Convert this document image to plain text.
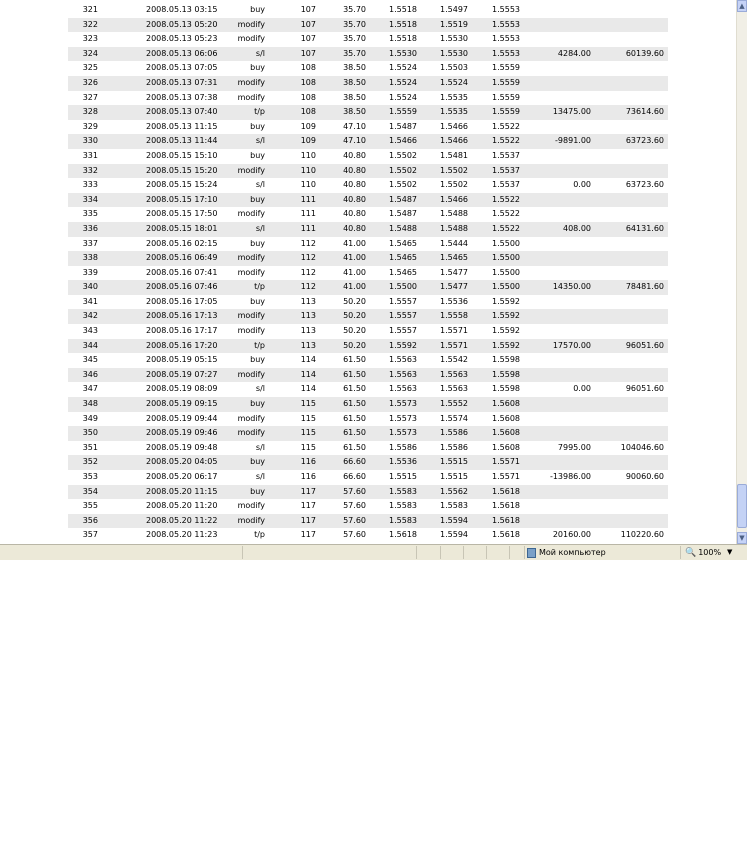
321	2008.05.13 03:15	buy	107	35.70	1.5518	1.5497	1.5553
322	2008.05.13 05:20	modify	107	35.70	1.5518	1.5519	1.5553
323	2008.05.13 05:23	modify	107	35.70	1.5518	1.5530	1.5553
324	2008.05.13 06:06	s/l	107	35.70	1.5530	1.5530	1.5553	4284.00	60139.60
325	2008.05.13 07:05	buy	108	38.50	1.5524	1.5503	1.5559
326	2008.05.13 07:31	modify	108	38.50	1.5524	1.5524	1.5559
327	2008.05.13 07:38	modify	108	38.50	1.5524	1.5535	1.5559
328	2008.05.13 07:40	t/p	108	38.50	1.5559	1.5535	1.5559	13475.00	73614.60
329	2008.05.13 11:15	buy	109	47.10	1.5487	1.5466	1.5522
330	2008.05.13 11:44	s/l	109	47.10	1.5466	1.5466	1.5522	-9891.00	63723.60
331	2008.05.15 15:10	buy	110	40.80	1.5502	1.5481	1.5537
332	2008.05.15 15:20	modify	110	40.80	1.5502	1.5502	1.5537
333	2008.05.15 15:24	s/l	110	40.80	1.5502	1.5502	1.5537	0.00	63723.60
334	2008.05.15 17:10	buy	111	40.80	1.5487	1.5466	1.5522
335	2008.05.15 17:50	modify	111	40.80	1.5487	1.5488	1.5522
336	2008.05.15 18:01	s/l	111	40.80	1.5488	1.5488	1.5522	408.00	64131.60
337	2008.05.16 02:15	buy	112	41.00	1.5465	1.5444	1.5500
338	2008.05.16 06:49	modify	112	41.00	1.5465	1.5465	1.5500
339	2008.05.16 07:41	modify	112	41.00	1.5465	1.5477	1.5500
340	2008.05.16 07:46	t/p	112	41.00	1.5500	1.5477	1.5500	14350.00	78481.60
341	2008.05.16 17:05	buy	113	50.20	1.5557	1.5536	1.5592
342	2008.05.16 17:13	modify	113	50.20	1.5557	1.5558	1.5592
343	2008.05.16 17:17	modify	113	50.20	1.5557	1.5571	1.5592
344	2008.05.16 17:20	t/p	113	50.20	1.5592	1.5571	1.5592	17570.00	96051.60
345	2008.05.19 05:15	buy	114	61.50	1.5563	1.5542	1.5598
346	2008.05.19 07:27	modify	114	61.50	1.5563	1.5563	1.5598
347	2008.05.19 08:09	s/l	114	61.50	1.5563	1.5563	1.5598	0.00	96051.60
348	2008.05.19 09:15	buy	115	61.50	1.5573	1.5552	1.5608
349	2008.05.19 09:44	modify	115	61.50	1.5573	1.5574	1.5608
350	2008.05.19 09:46	modify	115	61.50	1.5573	1.5586	1.5608
351	2008.05.19 09:48	s/l	115	61.50	1.5586	1.5586	1.5608	7995.00	104046.60
352	2008.05.20 04:05	buy	116	66.60	1.5536	1.5515	1.5571
353	2008.05.20 06:17	s/l	116	66.60	1.5515	1.5515	1.5571	-13986.00	90060.60
354	2008.05.20 11:15	buy	117	57.60	1.5583	1.5562	1.5618
355	2008.05.20 11:20	modify	117	57.60	1.5583	1.5583	1.5618
356	2008.05.20 11:22	modify	117	57.60	1.5583	1.5594	1.5618
357	2008.05.20 11:23	t/p	117	57.60	1.5618	1.5594	1.5618	20160.00	110220.60
▲
▼
Мой компьютер	🔍 100% ▼
